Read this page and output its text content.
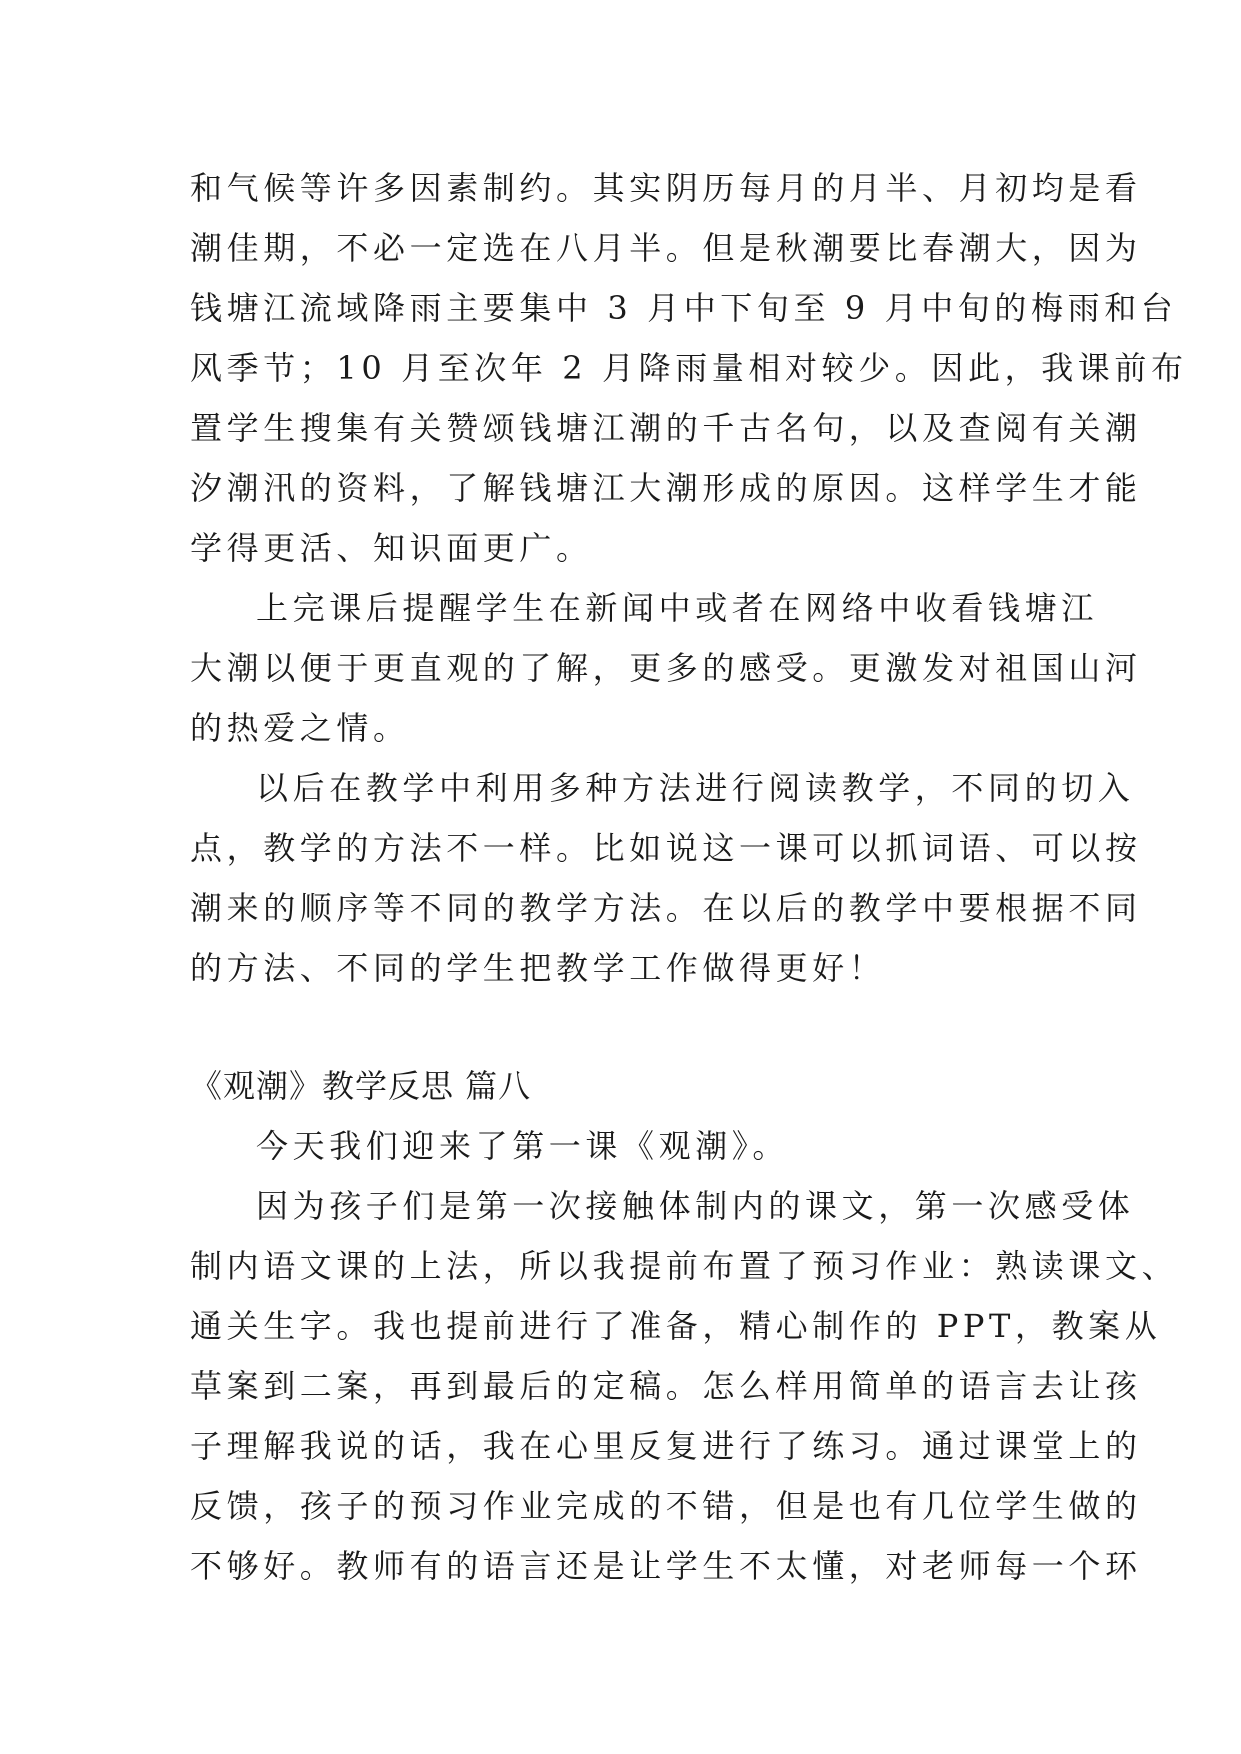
和气候等许多因素制约。其实阴历每月的月半、月初均是看
潮佳期，不必一定选在八月半。但是秋潮要比春潮大，因为
钱塘江流域降雨主要集中 3 月中下旬至 9 月中旬的梅雨和台
风季节；10 月至次年 2 月降雨量相对较少。因此，我课前布
置学生搜集有关赞颂钱塘江潮的千古名句，以及查阅有关潮
汐潮汛的资料，了解钱塘江大潮形成的原因。这样学生才能
学得更活、知识面更广。
上完课后提醒学生在新闻中或者在网络中收看钱塘江
大潮以便于更直观的了解，更多的感受。更激发对祖国山河
的热爱之情。
以后在教学中利用多种方法进行阅读教学，不同的切入
点，教学的方法不一样。比如说这一课可以抓词语、可以按
潮来的顺序等不同的教学方法。在以后的教学中要根据不同
的方法、不同的学生把教学工作做得更好！
《观潮》教学反思 篇八
今天我们迎来了第一课《观潮》。
因为孩子们是第一次接触体制内的课文，第一次感受体
制内语文课的上法，所以我提前布置了预习作业：熟读课文、
通关生字。我也提前进行了准备，精心制作的 PPT，教案从
草案到二案，再到最后的定稿。怎么样用简单的语言去让孩
子理解我说的话，我在心里反复进行了练习。通过课堂上的
反馈，孩子的预习作业完成的不错，但是也有几位学生做的
不够好。教师有的语言还是让学生不太懂，对老师每一个环
